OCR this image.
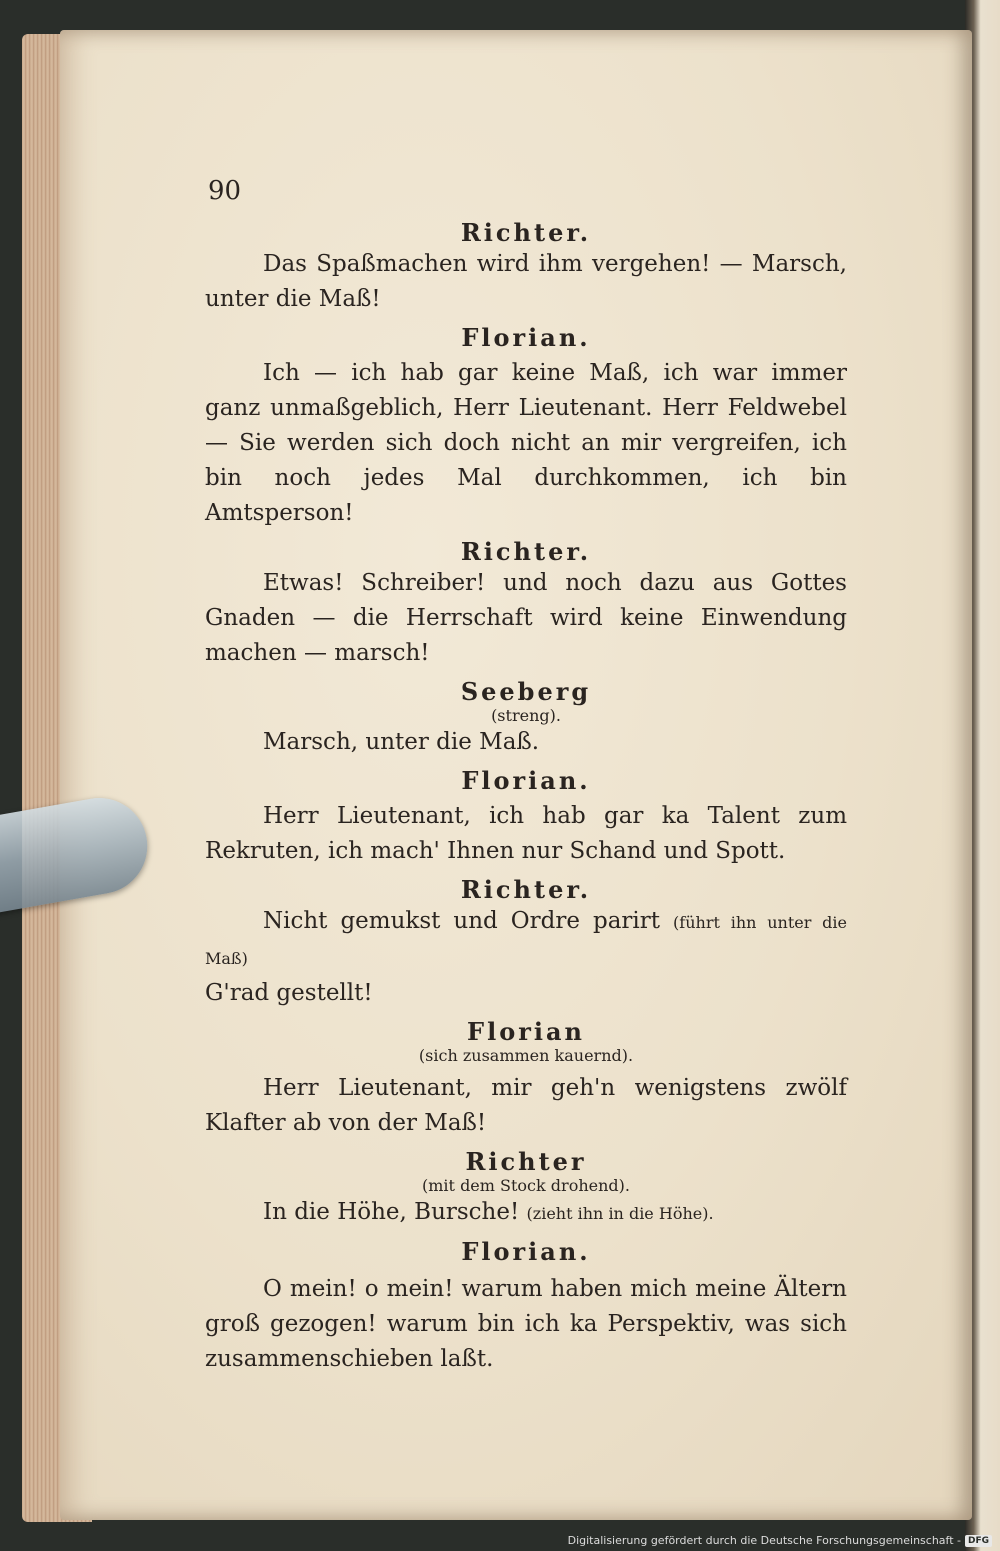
90

Richter.

Das Spaßmachen wird ihm vergehen! — Marsch, unter die Maß!

Florian.

Ich — ich hab gar keine Maß, ich war immer ganz unmaßgeblich, Herr Lieutenant. Herr Feldwebel — Sie werden sich doch nicht an mir vergreifen, ich bin noch jedes Mal durchkommen, ich bin Amtsperson!

Richter.

Etwas! Schreiber! und noch dazu aus Gottes Gnaden — die Herrschaft wird keine Einwendung machen — marsch!

Seeberg

(streng).

Marsch, unter die Maß.

Florian.

Herr Lieutenant, ich hab gar ka Talent zum Rekruten, ich mach' Ihnen nur Schand und Spott.

Richter.

Nicht gemukst und Ordre parirt (führt ihn unter die Maß)

G'rad gestellt!

Florian

(sich zusammen kauernd).

Herr Lieutenant, mir geh'n wenigstens zwölf Klafter ab von der Maß!

Richter

(mit dem Stock drohend).

In die Höhe, Bursche! (zieht ihn in die Höhe).

Florian.

O mein! o mein! warum haben mich meine Ältern groß gezogen! warum bin ich ka Perspektiv, was sich zusammenschieben laßt.

Digitalisierung gefördert durch die Deutsche Forschungsgemeinschaft - DFG
